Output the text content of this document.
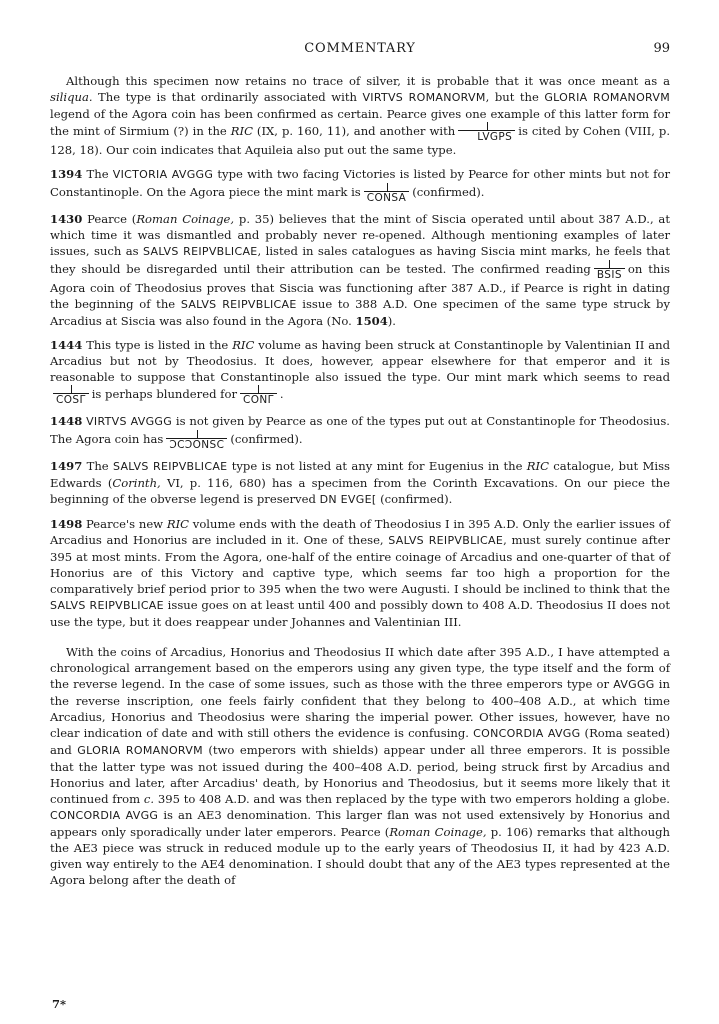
COMMENTARY	99

Although this specimen now retains no trace of silver, it is probable that it was once meant as a siliqua. The type is that ordinarily associated with VIRTVS ROMANORVM, but the GLORIA ROMANORVM legend of the Agora coin has been confirmed as certain. Pearce gives one example of this latter form for the mint of Sirmium (?) in the RIC (IX, p. 160, 11), and another with	LVGPS is cited by Cohen (VIII, p. 128, 18). Our coin indicates that Aquileia also put out the same type.

1394 The VICTORIA AVGGG type with two facing Victories is listed by Pearce for other mints but not for Constantinople. On the Agora piece the mint mark is CONSA (confirmed).

1430 Pearce (Roman Coinage, p. 35) believes that the mint of Siscia operated until about 387 A.D., at which time it was dismantled and probably never re-opened. Although mentioning examples of later issues, such as SALVS REIPVBLICAE, listed in sales catalogues as having Siscia mint marks, he feels that they should be disregarded until their attribution can be tested. The confirmed reading BSIS on this Agora coin of Theodosius proves that Siscia was functioning after 387 A.D., if Pearce is right in dating the beginning of the SALVS REIPVBLICAE issue to 388 A.D. One specimen of the same type struck by Arcadius at Siscia was also found in the Agora (No. 1504).

1444 This type is listed in the RIC volume as having been struck at Constantinople by Valentinian II and Arcadius but not by Theodosius. It does, however, appear elsewhere for that emperor and it is reasonable to suppose that Constantinople also issued the type. Our mint mark which seems to read
COSΓ is perhaps blundered for CONΓ .

1448 VIRTVS AVGGG is not given by Pearce as one of the types put out at Constantinople for Theodosius. The Agora coin has ƆCƆONSC (confirmed).

1497 The SALVS REIPVBLICAE type is not listed at any mint for Eugenius in the RIC catalogue, but Miss Edwards (Corinth, VI, p. 116, 680) has a specimen from the Corinth Excavations. On our piece the beginning of the obverse legend is preserved DN EVGE[ (confirmed).

1498 Pearce's new RIC volume ends with the death of Theodosius I in 395 A.D. Only the earlier issues of Arcadius and Honorius are included in it. One of these, SALVS REIPVBLICAE, must surely continue after 395 at most mints. From the Agora, one-half of the entire coinage of Arcadius and one-quarter of that of Honorius are of this Victory and captive type, which seems far too high a proportion for the comparatively brief period prior to 395 when the two were Augusti. I should be inclined to think that the SALVS REIPVBLICAE issue goes on at least until 400 and possibly down to 408 A.D. Theodosius II does not use the type, but it does reappear under Johannes and Valentinian III.

With the coins of Arcadius, Honorius and Theodosius II which date after 395 A.D., I have attempted a chronological arrangement based on the emperors using any given type, the type itself and the form of the reverse legend. In the case of some issues, such as those with the three emperors type or AVGGG in the reverse inscription, one feels fairly confident that they belong to 400–408 A.D., at which time Arcadius, Honorius and Theodosius were sharing the imperial power. Other issues, however, have no clear indication of date and with still others the evidence is confusing. CONCORDIA AVGG (Roma seated) and GLORIA ROMANORVM (two emperors with shields) appear under all three emperors. It is possible that the latter type was not issued during the 400–408 A.D. period, being struck first by Arcadius and Honorius and later, after Arcadius' death, by Honorius and Theodosius, but it seems more likely that it continued from c. 395 to 408 A.D. and was then replaced by the type with two emperors holding a globe. CONCORDIA AVGG is an AE3 denomination. This larger flan was not used extensively by Honorius and appears only sporadically under later emperors. Pearce (Roman Coinage, p. 106) remarks that although the AE3 piece was struck in reduced module up to the early years of Theodosius II, it had by 423 A.D. given way entirely to the AE4 denomination. I should doubt that any of the AE3 types represented at the Agora belong after the death of

7*
